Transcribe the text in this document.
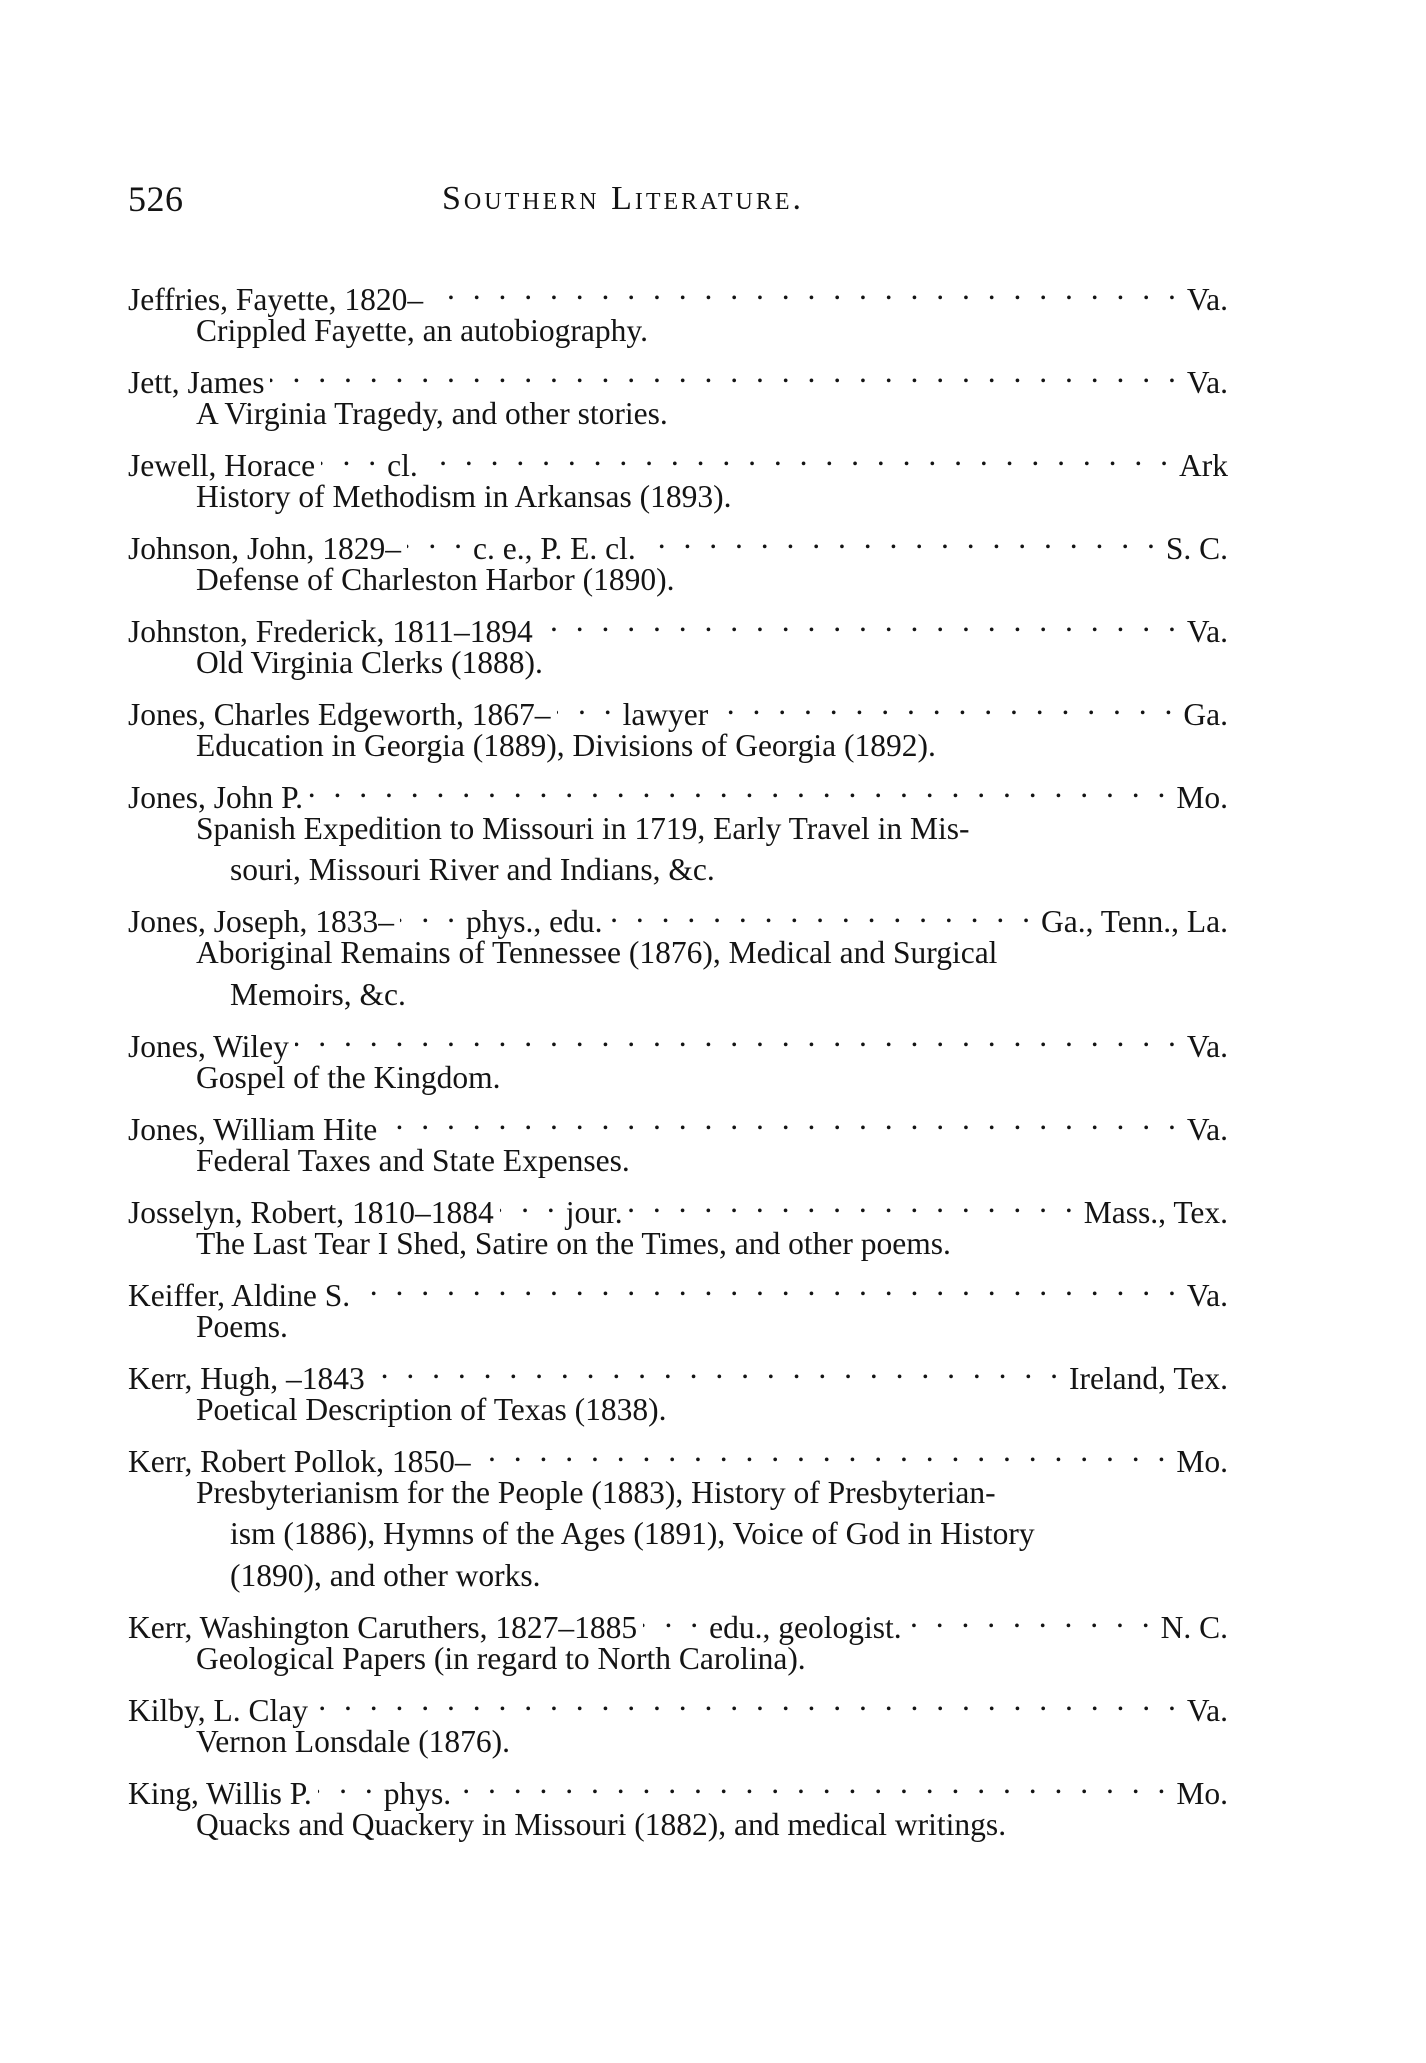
526	Southern Literature.
Jeffries, Fayette, 1820– . . .	Va.
Crippled Fayette, an autobiography.
Jett, James . . .	Va.
A Virginia Tragedy, and other stories.
Jewell, Horace . . . cl. . . .	Ark
History of Methodism in Arkansas (1893).
Johnson, John, 1829– . . . c. e., P. E. cl. . . .	S. C.
Defense of Charleston Harbor (1890).
Johnston, Frederick, 1811–1894 . . .	Va.
Old Virginia Clerks (1888).
Jones, Charles Edgeworth, 1867– . . . lawyer . . .	Ga.
Education in Georgia (1889), Divisions of Georgia (1892).
Jones, John P. . . .	Mo.
Spanish Expedition to Missouri in 1719, Early Travel in Mis-
souri, Missouri River and Indians, &c.
Jones, Joseph, 1833– . . . phys., edu. . . .	Ga., Tenn., La.
Aboriginal Remains of Tennessee (1876), Medical and Surgical
Memoirs, &c.
Jones, Wiley . . .	Va.
Gospel of the Kingdom.
Jones, William Hite . . .	Va.
Federal Taxes and State Expenses.
Josselyn, Robert, 1810–1884 . . . jour. . . .	Mass., Tex.
The Last Tear I Shed, Satire on the Times, and other poems.
Keiffer, Aldine S. . . .	Va.
Poems.
Kerr, Hugh, –1843 . . .	Ireland, Tex.
Poetical Description of Texas (1838).
Kerr, Robert Pollok, 1850– . . .	Mo.
Presbyterianism for the People (1883), History of Presbyterian-
ism (1886), Hymns of the Ages (1891), Voice of God in History
(1890), and other works.
Kerr, Washington Caruthers, 1827–1885 . . . edu., geologist. . . .	N. C.
Geological Papers (in regard to North Carolina).
Kilby, L. Clay . . .	Va.
Vernon Lonsdale (1876).
King, Willis P. . . . phys. . . .	Mo.
Quacks and Quackery in Missouri (1882), and medical writings.
